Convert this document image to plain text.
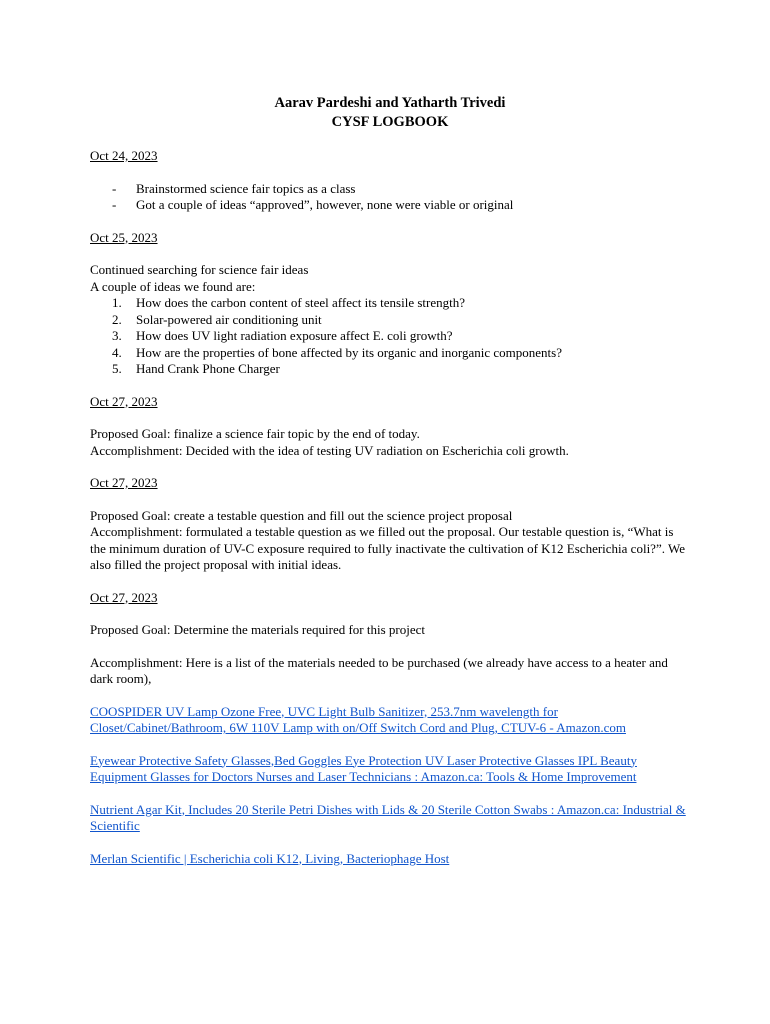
Aarav Pardeshi and Yatharth Trivedi
CYSF LOGBOOK

Oct 24, 2023

- Brainstormed science fair topics as a class
- Got a couple of ideas “approved”, however, none were viable or original

Oct 25, 2023

Continued searching for science fair ideas

A couple of ideas we found are:

1. How does the carbon content of steel affect its tensile strength?
2. Solar-powered air conditioning unit
3. How does UV light radiation exposure affect E. coli growth?
4. How are the properties of bone affected by its organic and inorganic components?
5. Hand Crank Phone Charger

Oct 27, 2023

Proposed Goal: finalize a science fair topic by the end of today.

Accomplishment: Decided with the idea of testing UV radiation on Escherichia coli growth.

Oct 27, 2023

Proposed Goal: create a testable question and fill out the science project proposal

Accomplishment: formulated a testable question as we filled out the proposal. Our testable question is, “What is the minimum duration of UV-C exposure required to fully inactivate the cultivation of K12 Escherichia coli?”. We also filled the project proposal with initial ideas.

Oct 27, 2023

Proposed Goal: Determine the materials required for this project

Accomplishment: Here is a list of the materials needed to be purchased (we already have access to a heater and dark room),

COOSPIDER UV Lamp Ozone Free, UVC Light Bulb Sanitizer, 253.7nm wavelength for Closet/Cabinet/Bathroom, 6W 110V Lamp with on/Off Switch Cord and Plug, CTUV-6 - Amazon.com
Eyewear Protective Safety Glasses,Bed Goggles Eye Protection UV Laser Protective Glasses IPL Beauty Equipment Glasses for Doctors Nurses and Laser Technicians : Amazon.ca: Tools & Home Improvement
Nutrient Agar Kit, Includes 20 Sterile Petri Dishes with Lids & 20 Sterile Cotton Swabs : Amazon.ca: Industrial & Scientific
Merlan Scientific | Escherichia coli K12, Living, Bacteriophage Host
